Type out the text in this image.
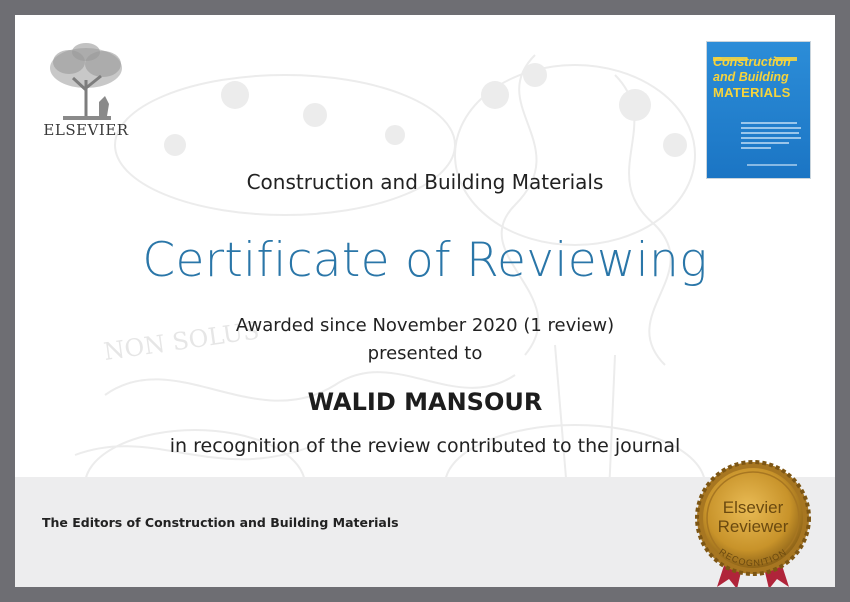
NON SOLUS
ELSEVIER
Construction
and Building
MATERIALS
Construction and Building Materials
Certificate of Reviewing
Awarded since November 2020 (1 review)
presented to
WALID MANSOUR
in recognition of the review contributed to the journal
The Editors of Construction and Building Materials
Elsevier
Reviewer
RECOGNITION
